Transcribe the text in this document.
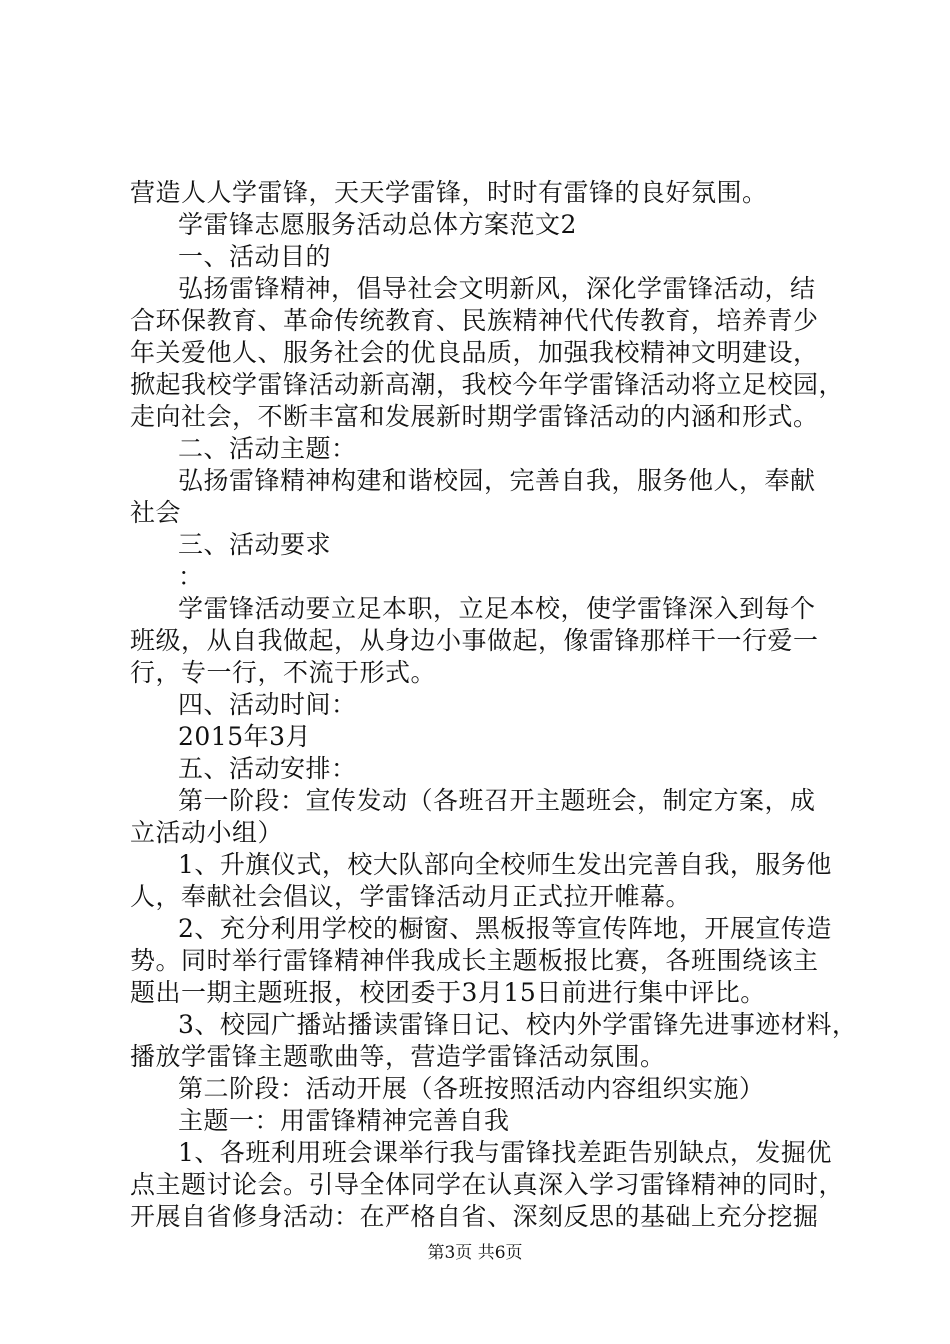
营造人人学雷锋，天天学雷锋，时时有雷锋的良好氛围。
学雷锋志愿服务活动总体方案范文2
一、活动目的
弘扬雷锋精神，倡导社会文明新风，深化学雷锋活动，结
合环保教育、革命传统教育、民族精神代代传教育，培养青少
年关爱他人、服务社会的优良品质，加强我校精神文明建设，
掀起我校学雷锋活动新高潮，我校今年学雷锋活动将立足校园，
走向社会，不断丰富和发展新时期学雷锋活动的内涵和形式。
二、活动主题：
弘扬雷锋精神构建和谐校园，完善自我，服务他人，奉献
社会
三、活动要求
：
学雷锋活动要立足本职，立足本校，使学雷锋深入到每个
班级，从自我做起，从身边小事做起，像雷锋那样干一行爱一
行，专一行，不流于形式。
四、活动时间：
2015年3月
五、活动安排：
第一阶段：宣传发动（各班召开主题班会，制定方案，成
立活动小组）
1、升旗仪式，校大队部向全校师生发出完善自我，服务他
人，奉献社会倡议，学雷锋活动月正式拉开帷幕。
2、充分利用学校的橱窗、黑板报等宣传阵地，开展宣传造
势。同时举行雷锋精神伴我成长主题板报比赛，各班围绕该主
题出一期主题班报，校团委于3月15日前进行集中评比。
3、校园广播站播读雷锋日记、校内外学雷锋先进事迹材料，
播放学雷锋主题歌曲等，营造学雷锋活动氛围。
第二阶段：活动开展（各班按照活动内容组织实施）
主题一：用雷锋精神完善自我
1、各班利用班会课举行我与雷锋找差距告别缺点，发掘优
点主题讨论会。引导全体同学在认真深入学习雷锋精神的同时，
开展自省修身活动：在严格自省、深刻反思的基础上充分挖掘
第3页 共6页
